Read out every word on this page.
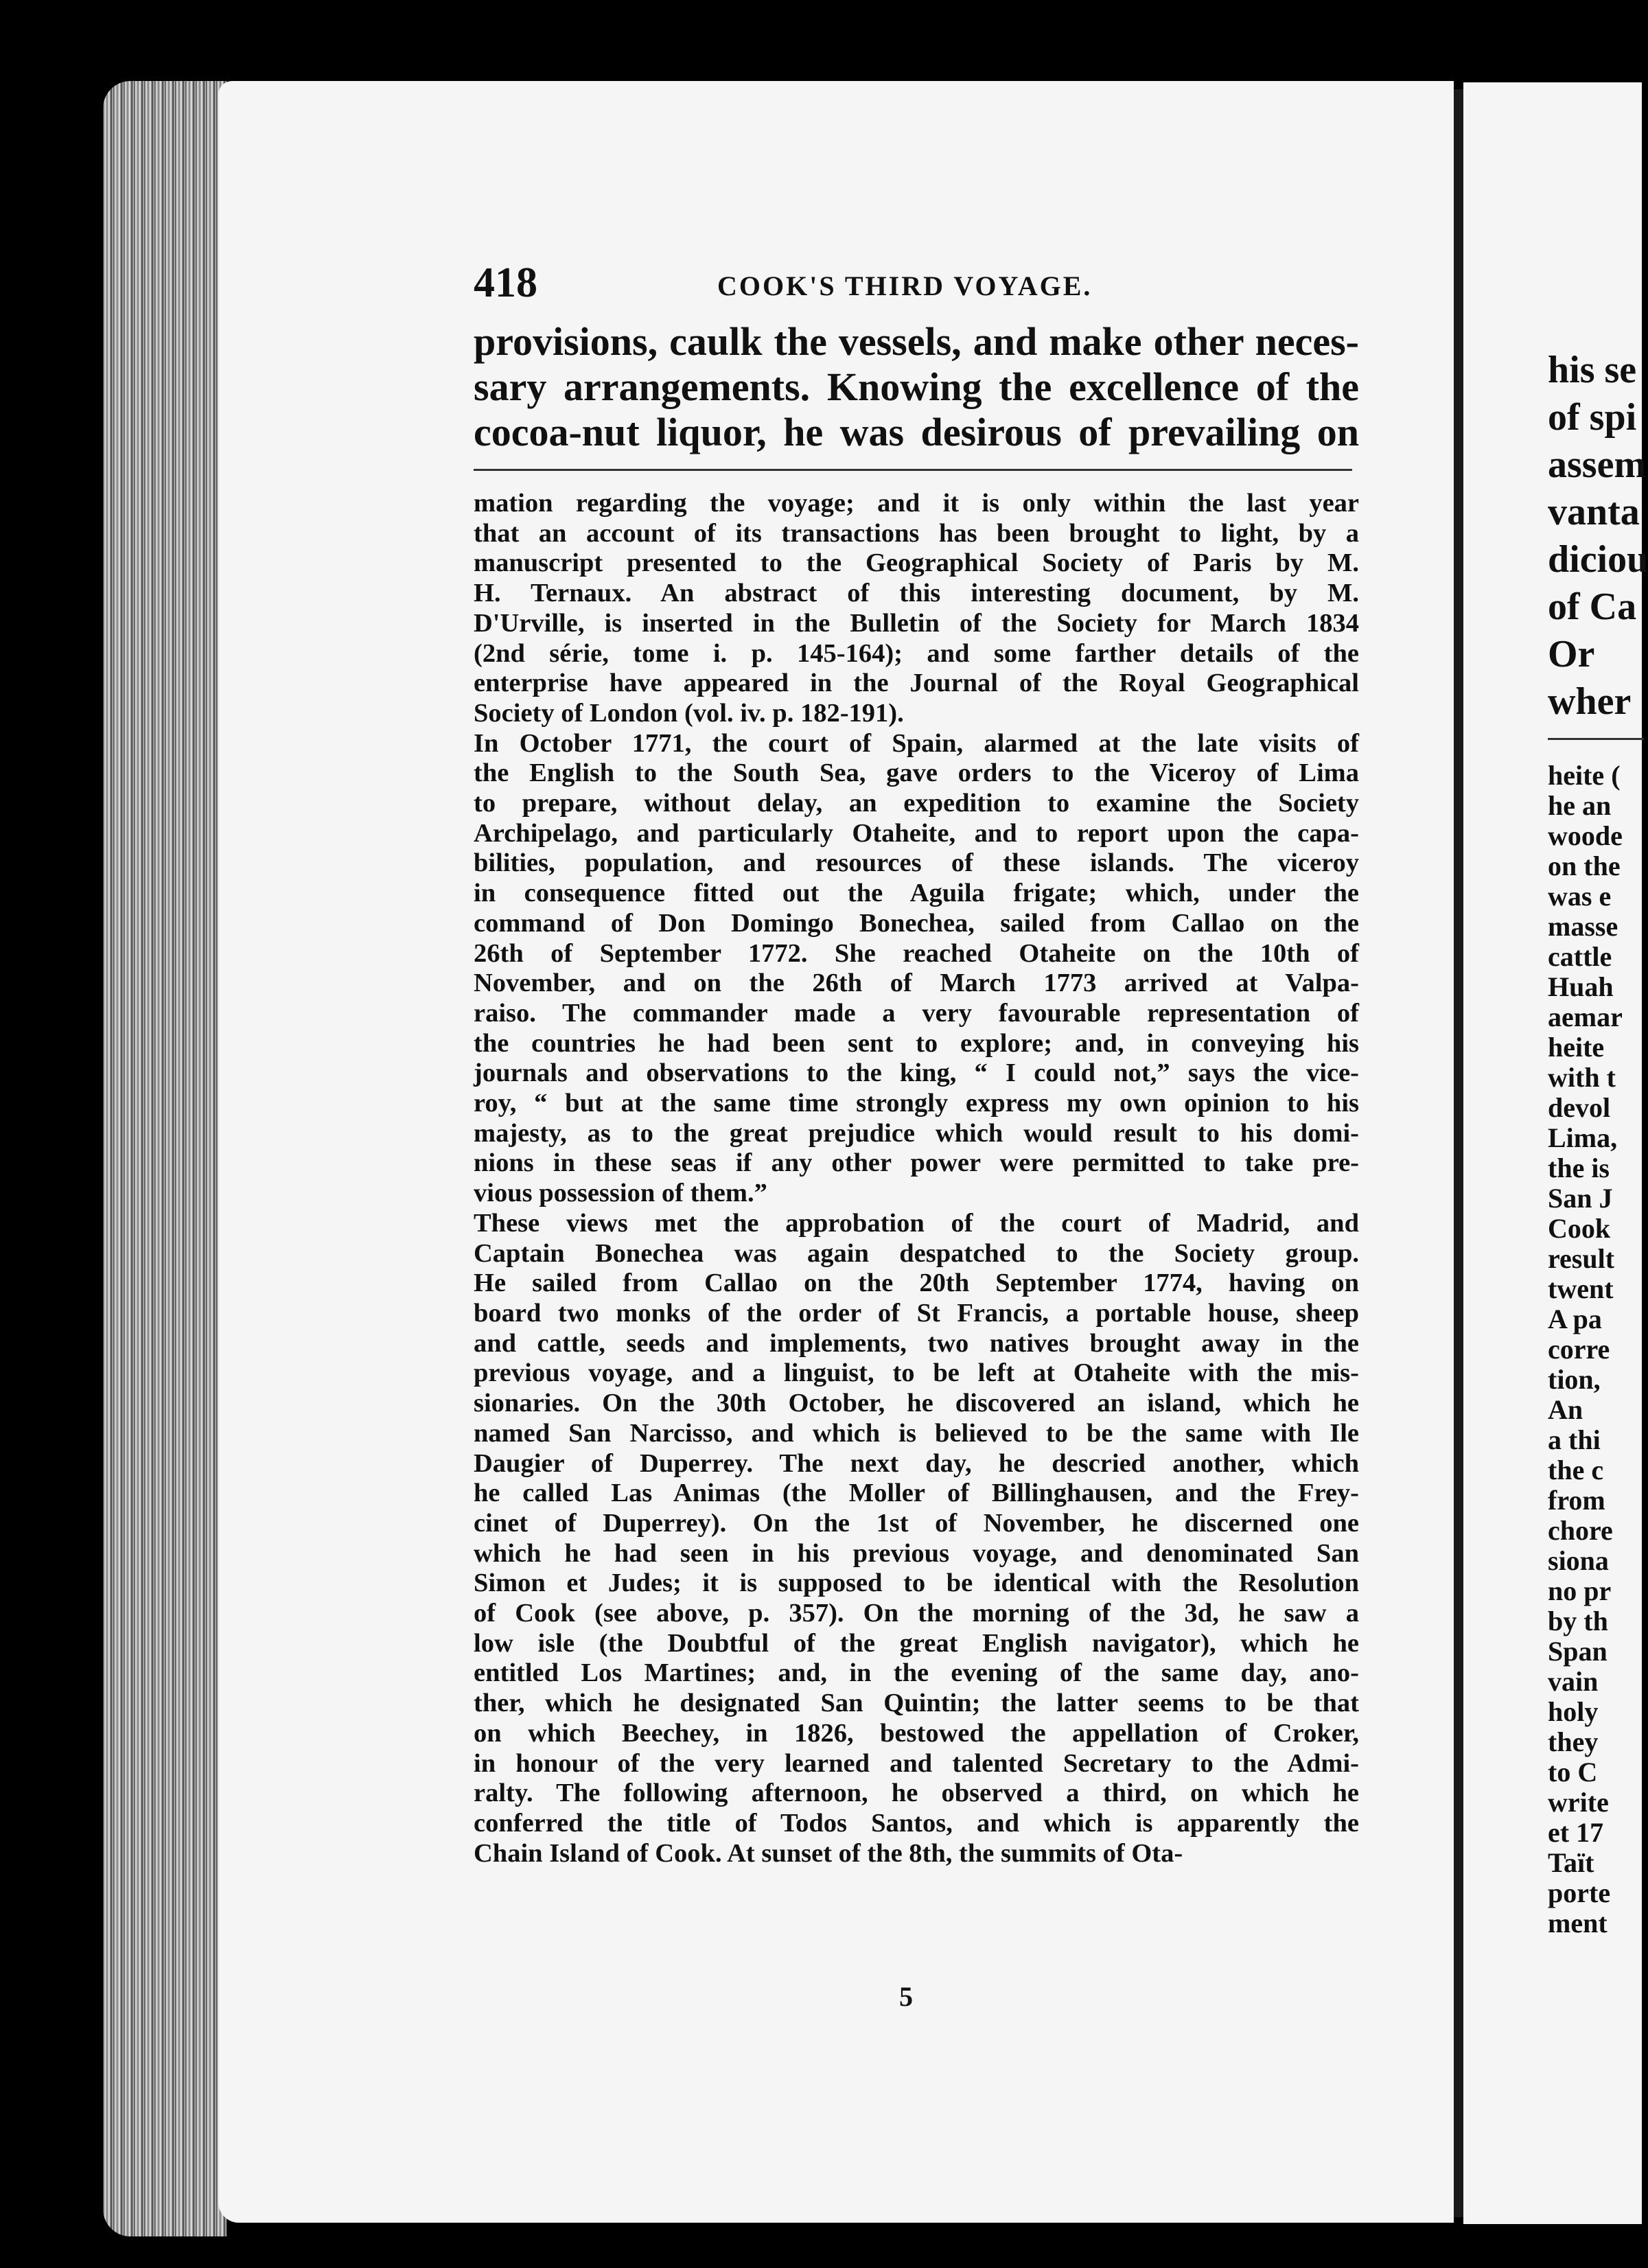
418	COOK'S THIRD VOYAGE.
provisions, caulk the vessels, and make other neces-
sary arrangements. Knowing the excellence of the
cocoa-nut liquor, he was desirous of prevailing on
mation regarding the voyage; and it is only within the last year
that an account of its transactions has been brought to light, by a
manuscript presented to the Geographical Society of Paris by M.
H. Ternaux. An abstract of this interesting document, by M.
D'Urville, is inserted in the Bulletin of the Society for March 1834
(2nd série, tome i. p. 145-164); and some farther details of the
enterprise have appeared in the Journal of the Royal Geographical
Society of London (vol. iv. p. 182-191).
In October 1771, the court of Spain, alarmed at the late visits of
the English to the South Sea, gave orders to the Viceroy of Lima
to prepare, without delay, an expedition to examine the Society
Archipelago, and particularly Otaheite, and to report upon the capa-
bilities, population, and resources of these islands. The viceroy
in consequence fitted out the Aguila frigate; which, under the
command of Don Domingo Bonechea, sailed from Callao on the
26th of September 1772. She reached Otaheite on the 10th of
November, and on the 26th of March 1773 arrived at Valpa-
raiso. The commander made a very favourable representation of
the countries he had been sent to explore; and, in conveying his
journals and observations to the king, “ I could not,” says the vice-
roy, “ but at the same time strongly express my own opinion to his
majesty, as to the great prejudice which would result to his domi-
nions in these seas if any other power were permitted to take pre-
vious possession of them.”
These views met the approbation of the court of Madrid, and
Captain Bonechea was again despatched to the Society group.
He sailed from Callao on the 20th September 1774, having on
board two monks of the order of St Francis, a portable house, sheep
and cattle, seeds and implements, two natives brought away in the
previous voyage, and a linguist, to be left at Otaheite with the mis-
sionaries. On the 30th October, he discovered an island, which he
named San Narcisso, and which is believed to be the same with Ile
Daugier of Duperrey. The next day, he descried another, which
he called Las Animas (the Moller of Billinghausen, and the Frey-
cinet of Duperrey). On the 1st of November, he discerned one
which he had seen in his previous voyage, and denominated San
Simon et Judes; it is supposed to be identical with the Resolution
of Cook (see above, p. 357). On the morning of the 3d, he saw a
low isle (the Doubtful of the great English navigator), which he
entitled Los Martines; and, in the evening of the same day, ano-
ther, which he designated San Quintin; the latter seems to be that
on which Beechey, in 1826, bestowed the appellation of Croker,
in honour of the very learned and talented Secretary to the Admi-
ralty. The following afternoon, he observed a third, on which he
conferred the title of Todos Santos, and which is apparently the
Chain Island of Cook. At sunset of the 8th, the summits of Ota-
5
his se
of spi
assem
vanta
diciou
of Ca
Or
wher
heite (
he an
woode
on the
was e
masse
cattle
Huah
aemar
heite
with t
devol
Lima,
the is
San J
Cook
result
twent
A pa
corre
tion,
An
a thi
the c
from
chore
siona
no pr
by th
Span
vain
holy
they
to C
write
et 17
Taït
porte
ment
